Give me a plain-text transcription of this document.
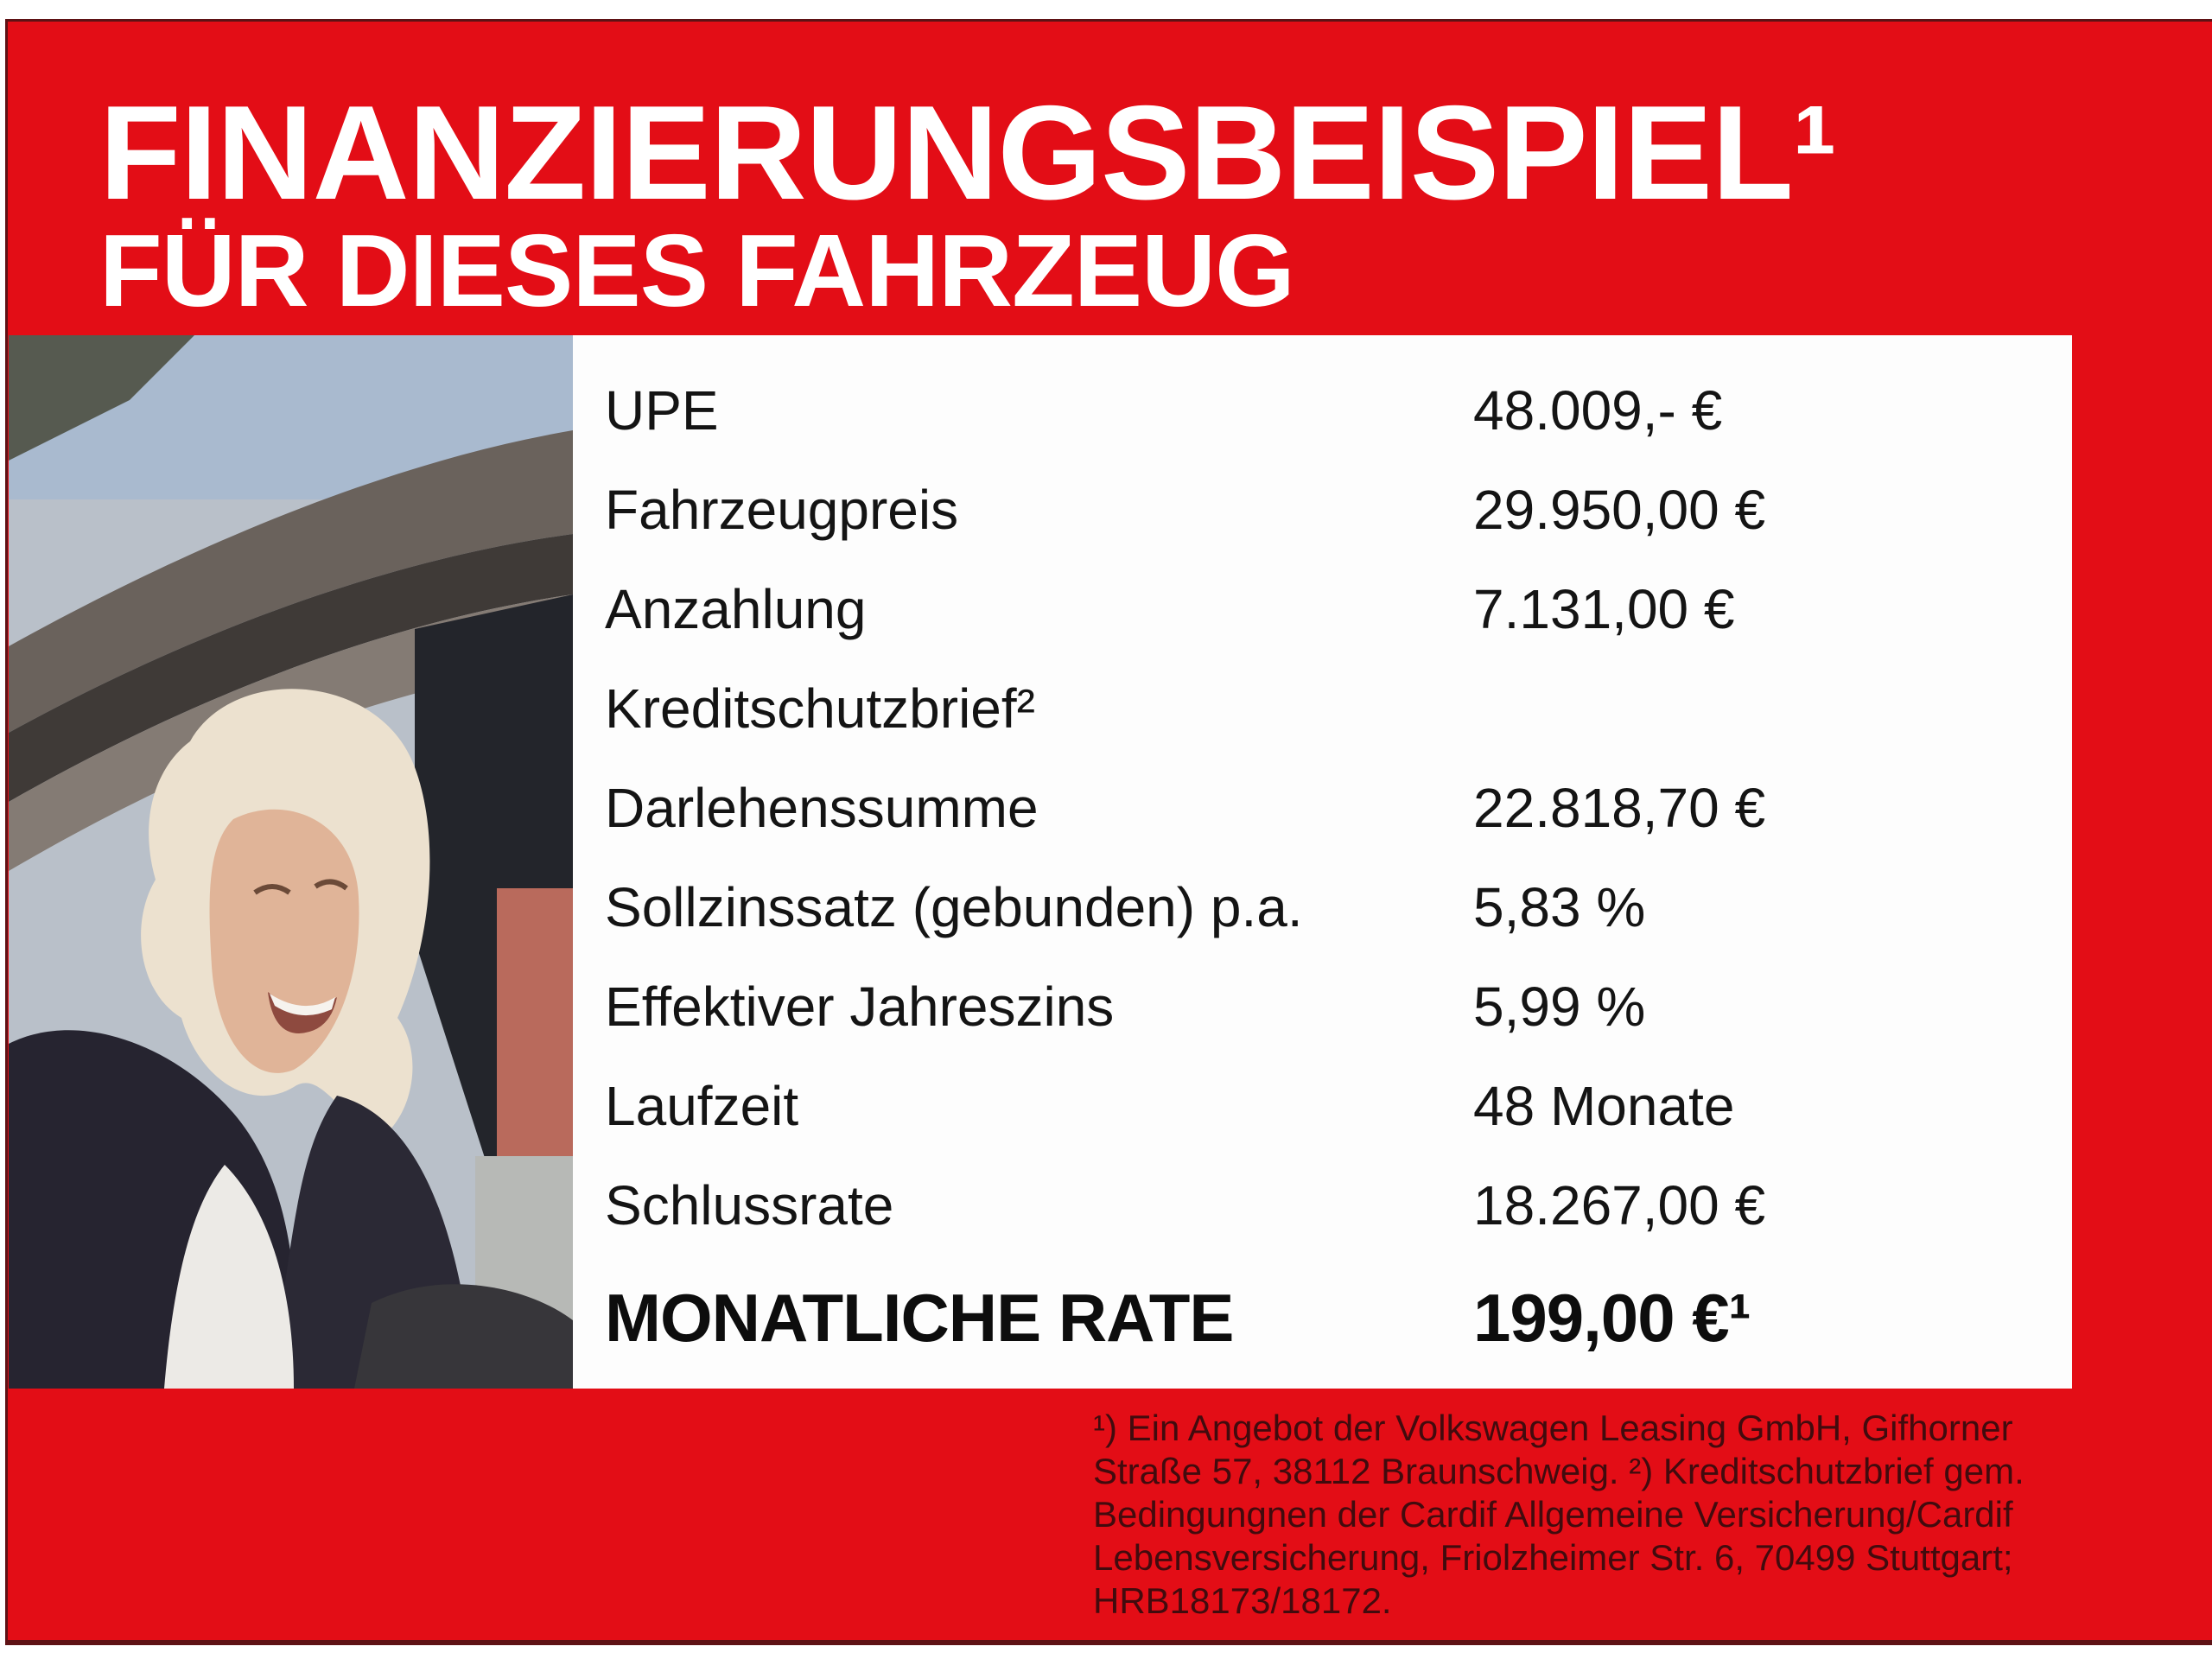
FINANZIERUNGSBEISPIEL¹
FÜR DIESES FAHRZEUG
UPE	48.009,- €
Fahrzeugpreis	29.950,00 €
Anzahlung	7.131,00 €
Kreditschutzbrief²
Darlehenssumme	22.818,70 €
Sollzinssatz (gebunden) p.a.	5,83 %
Effektiver Jahreszins	5,99 %
Laufzeit	48 Monate
Schlussrate	18.267,00 €
MONATLICHE RATE	199,00 €¹
¹) Ein Angebot der Volkswagen Leasing GmbH, Gifhorner
Straße 57, 38112 Braunschweig. ²) Kreditschutzbrief gem.
Bedingungnen der Cardif Allgemeine Versicherung/Cardif
Lebensversicherung, Friolzheimer Str. 6, 70499 Stuttgart;
HRB18173/18172.
